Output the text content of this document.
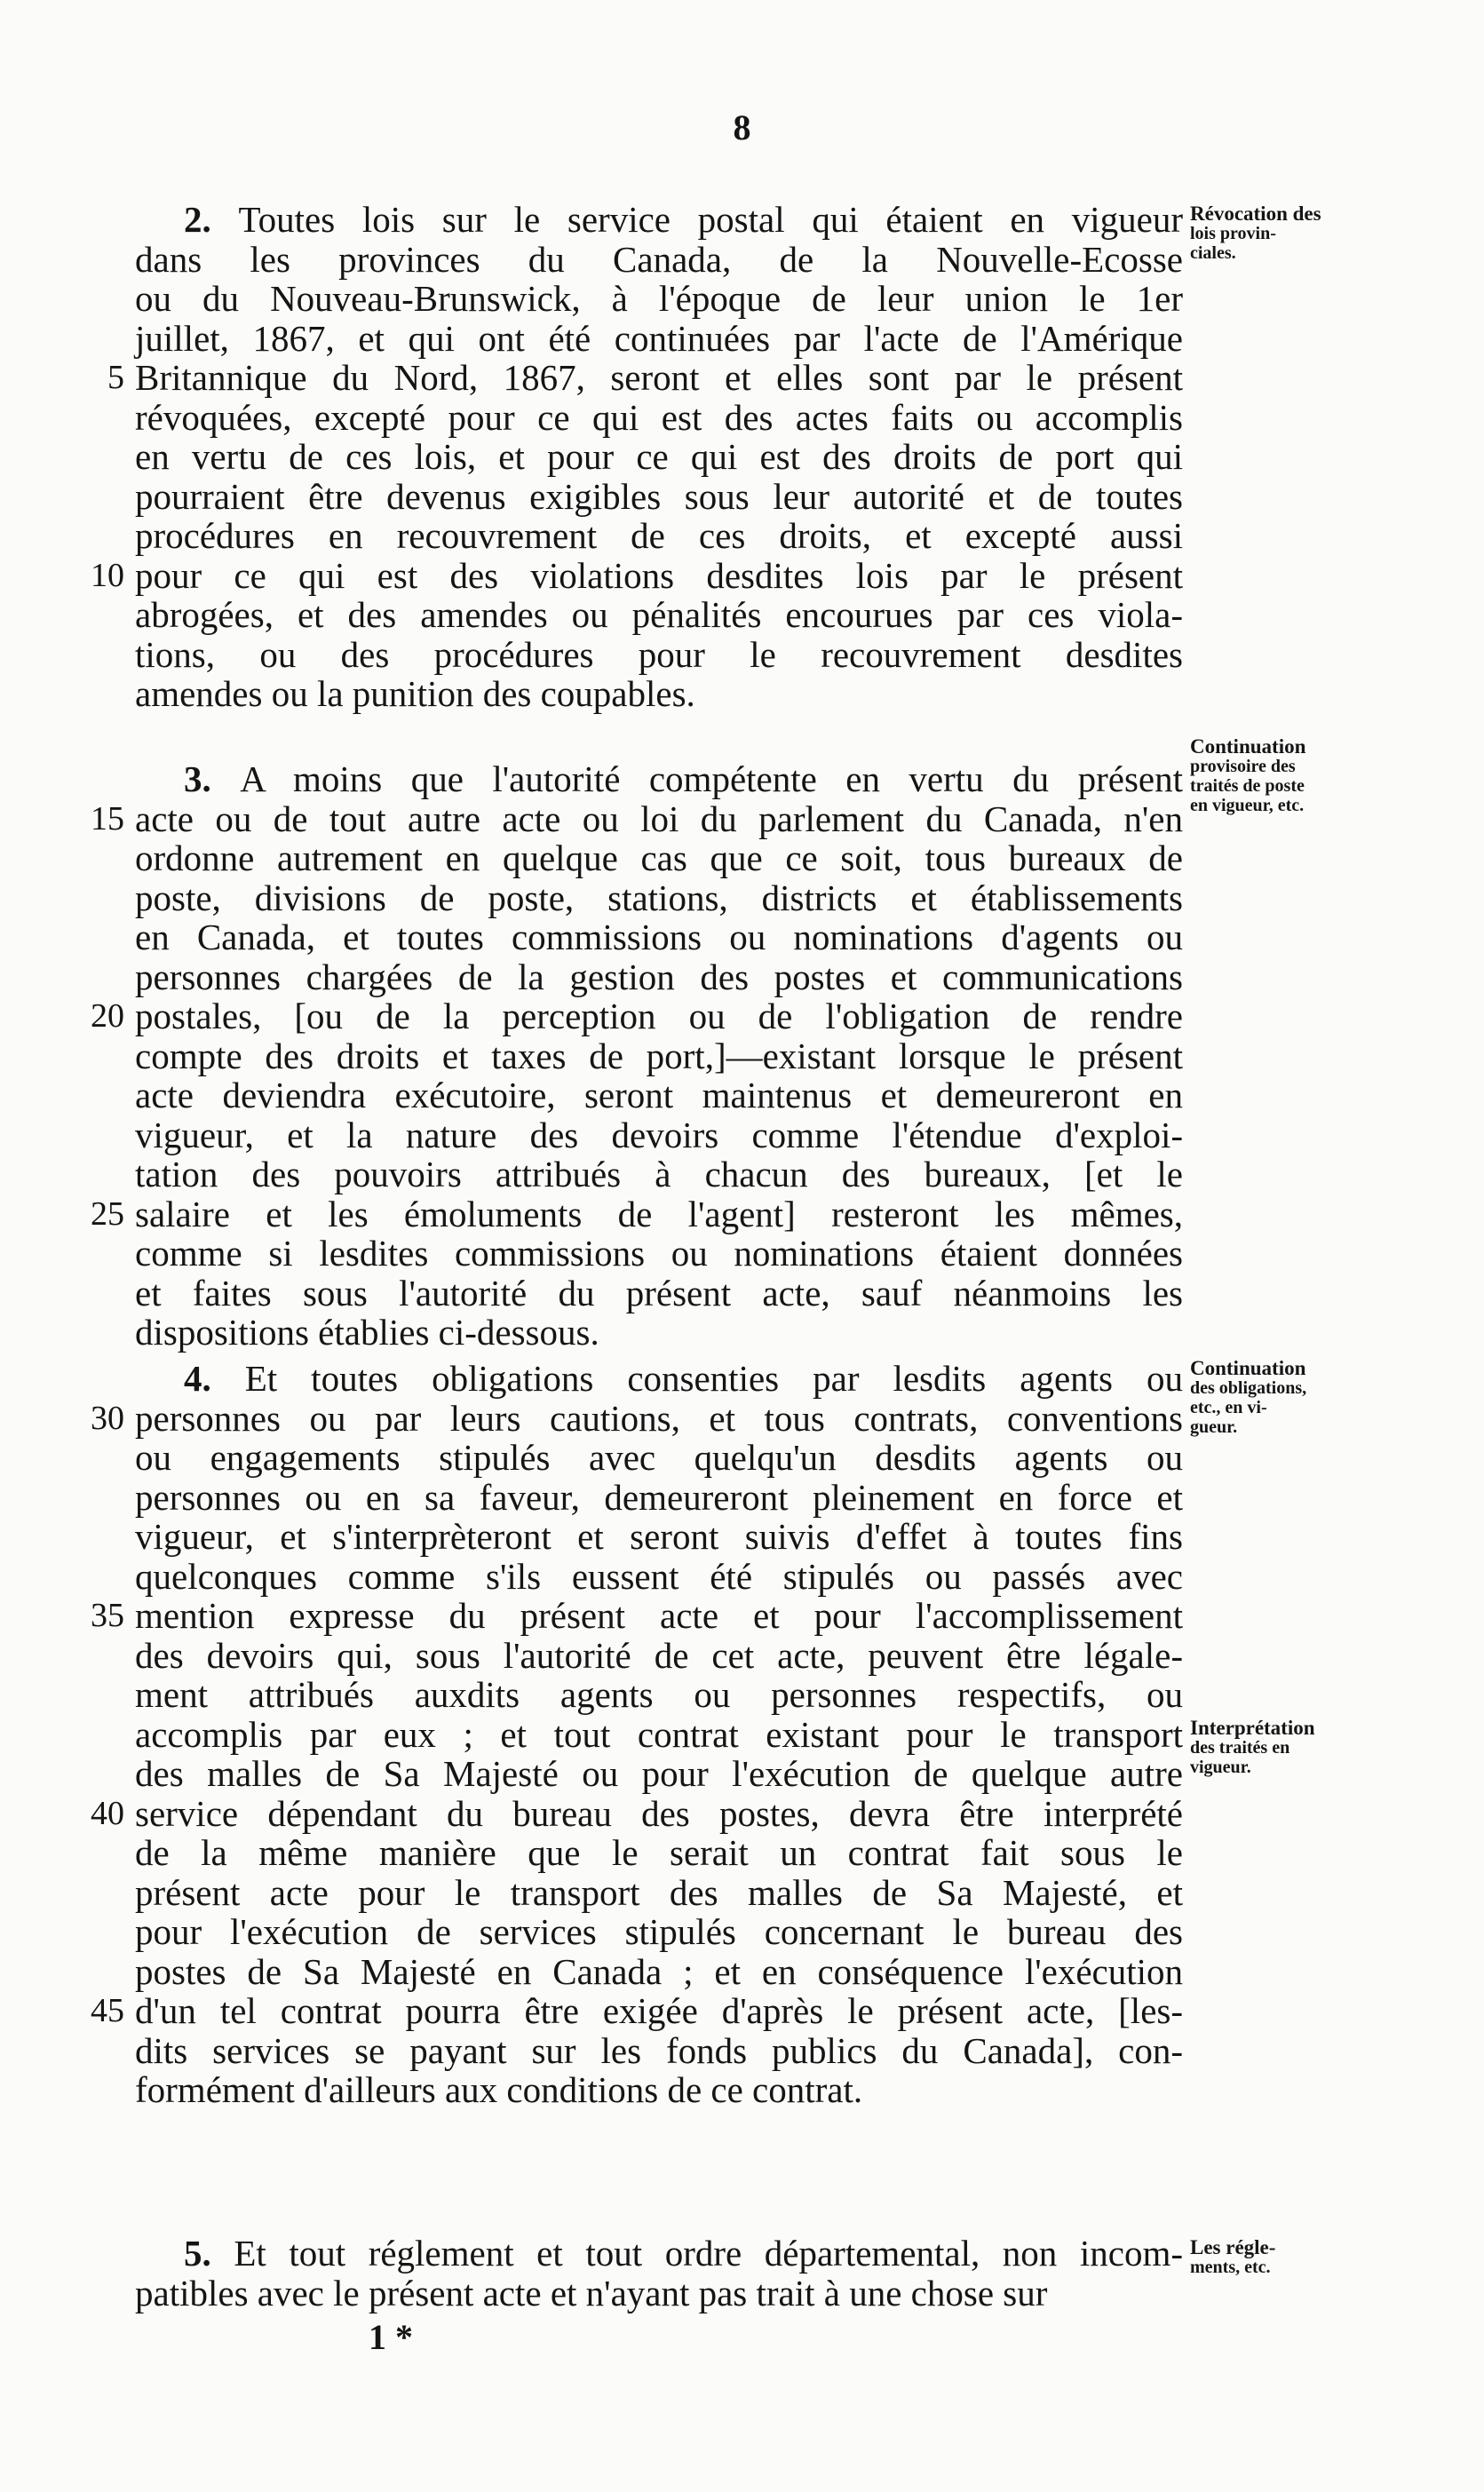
8
2. Toutes lois sur le service postal qui étaient en vigueur
dans les provinces du Canada, de la Nouvelle-Ecosse
ou du Nouveau-Brunswick, à l'époque de leur union le 1er
juillet, 1867, et qui ont été continuées par l'acte de l'Amérique
Britannique du Nord, 1867, seront et elles sont par le présent
5
révoquées, excepté pour ce qui est des actes faits ou accomplis
en vertu de ces lois, et pour ce qui est des droits de port qui
pourraient être devenus exigibles sous leur autorité et de toutes
procédures en recouvrement de ces droits, et excepté aussi
pour ce qui est des violations desdites lois par le présent
10
abrogées, et des amendes ou pénalités encourues par ces viola-
tions, ou des procédures pour le recouvrement desdites
amendes ou la punition des coupables.
Révocation des
lois provin-
ciales.
3. A moins que l'autorité compétente en vertu du présent
acte ou de tout autre acte ou loi du parlement du Canada, n'en
15
ordonne autrement en quelque cas que ce soit, tous bureaux de
poste, divisions de poste, stations, districts et établissements
en Canada, et toutes commissions ou nominations d'agents ou
personnes chargées de la gestion des postes et communications
postales, [ou de la perception ou de l'obligation de rendre
20
compte des droits et taxes de port,]—existant lorsque le présent
acte deviendra exécutoire, seront maintenus et demeureront en
vigueur, et la nature des devoirs comme l'étendue d'exploi-
tation des pouvoirs attribués à chacun des bureaux, [et le
salaire et les émoluments de l'agent] resteront les mêmes,
25
comme si lesdites commissions ou nominations étaient données
et faites sous l'autorité du présent acte, sauf néanmoins les
dispositions établies ci-dessous.
Continuation
provisoire des
traités de poste
en vigueur, etc.
4. Et toutes obligations consenties par lesdits agents ou
personnes ou par leurs cautions, et tous contrats, conventions
30
ou engagements stipulés avec quelqu'un desdits agents ou
personnes ou en sa faveur, demeureront pleinement en force et
vigueur, et s'interprèteront et seront suivis d'effet à toutes fins
quelconques comme s'ils eussent été stipulés ou passés avec
mention expresse du présent acte et pour l'accomplissement
35
des devoirs qui, sous l'autorité de cet acte, peuvent être légale-
ment attribués auxdits agents ou personnes respectifs, ou
accomplis par eux ; et tout contrat existant pour le transport
des malles de Sa Majesté ou pour l'exécution de quelque autre
service dépendant du bureau des postes, devra être interprété
40
de la même manière que le serait un contrat fait sous le
présent acte pour le transport des malles de Sa Majesté, et
pour l'exécution de services stipulés concernant le bureau des
postes de Sa Majesté en Canada ; et en conséquence l'exécution
d'un tel contrat pourra être exigée d'après le présent acte, [les-
45
dits services se payant sur les fonds publics du Canada], con-
formément d'ailleurs aux conditions de ce contrat.
Continuation
des obligations,
etc., en vi-
gueur.
Interprétation
des traités en
vigueur.
5. Et tout réglement et tout ordre départemental, non incom-
patibles avec le présent acte et n'ayant pas trait à une chose sur
Les régle-
ments, etc.
1 *
